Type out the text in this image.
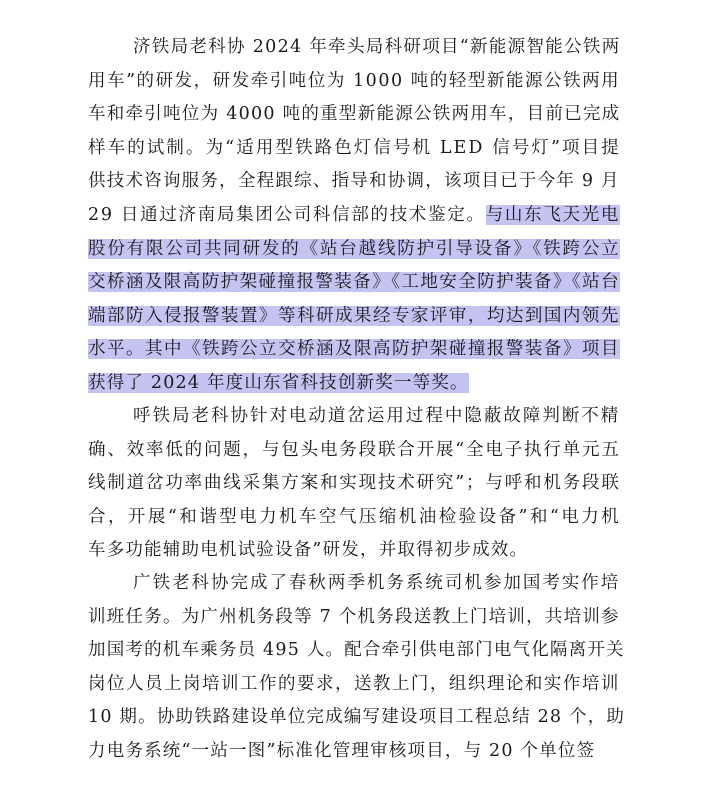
济铁局老科协 2024 年牵头局科研项目“新能源智能公铁两
用车”的研发，研发牵引吨位为 1000 吨的轻型新能源公铁两用
车和牵引吨位为 4000 吨的重型新能源公铁两用车，目前已完成
样车的试制。为“适用型铁路色灯信号机 LED 信号灯”项目提
供技术咨询服务，全程跟综、指导和协调，该项目已于今年 9 月
29 日通过济南局集团公司科信部的技术鉴定。与山东飞天光电
股份有限公司共同研发的《站台越线防护引导设备》《铁跨公立
交桥涵及限高防护架碰撞报警装备》《工地安全防护装备》《站台
端部防入侵报警装置》等科研成果经专家评审，均达到国内领先
水平。其中《铁跨公立交桥涵及限高防护架碰撞报警装备》项目
获得了 2024 年度山东省科技创新奖一等奖。
呼铁局老科协针对电动道岔运用过程中隐蔽故障判断不精
确、效率低的问题，与包头电务段联合开展“全电子执行单元五
线制道岔功率曲线采集方案和实现技术研究”；与呼和机务段联
合，开展“和谐型电力机车空气压缩机油检验设备”和“电力机
车多功能辅助电机试验设备”研发，并取得初步成效。
广铁老科协完成了春秋两季机务系统司机参加国考实作培
训班任务。为广州机务段等 7 个机务段送教上门培训，共培训参
加国考的机车乘务员 495 人。配合牵引供电部门电气化隔离开关
岗位人员上岗培训工作的要求，送教上门，组织理论和实作培训
10 期。协助铁路建设单位完成编写建设项目工程总结 28 个，助
力电务系统“一站一图”标准化管理审核项目，与 20 个单位签
